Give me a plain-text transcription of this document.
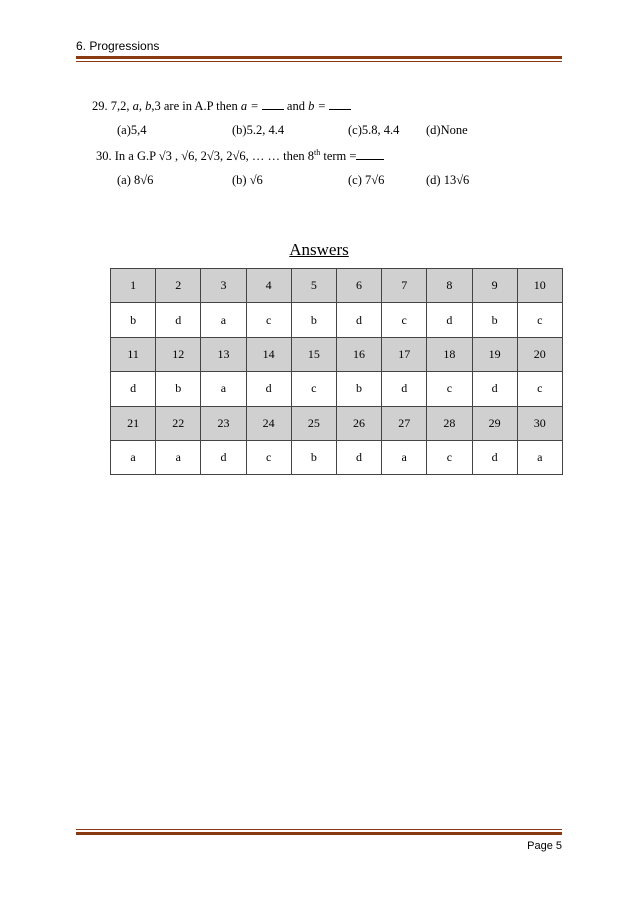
6. Progressions
29. 7,2, a, b,3 are in A.P then a = and b =
(a)5,4	(b)5.2, 4.4	(c)5.8, 4.4 (d)None
30. In a G.P √3 , √6, 2√3, 2√6, … … then 8th term =
(a) 8√6	(b) √6	(c) 7√6	(d) 13√6
Answers
1	2	3	4	5	6	7	8	9	10
b	d	a	c	b	d	c	d	b	c
11	12	13	14	15	16	17	18	19	20
d	b	a	d	c	b	d	c	d	c
21	22	23	24	25	26	27	28	29	30
a	a	d	c	b	d	a	c	d	a
Page 5
